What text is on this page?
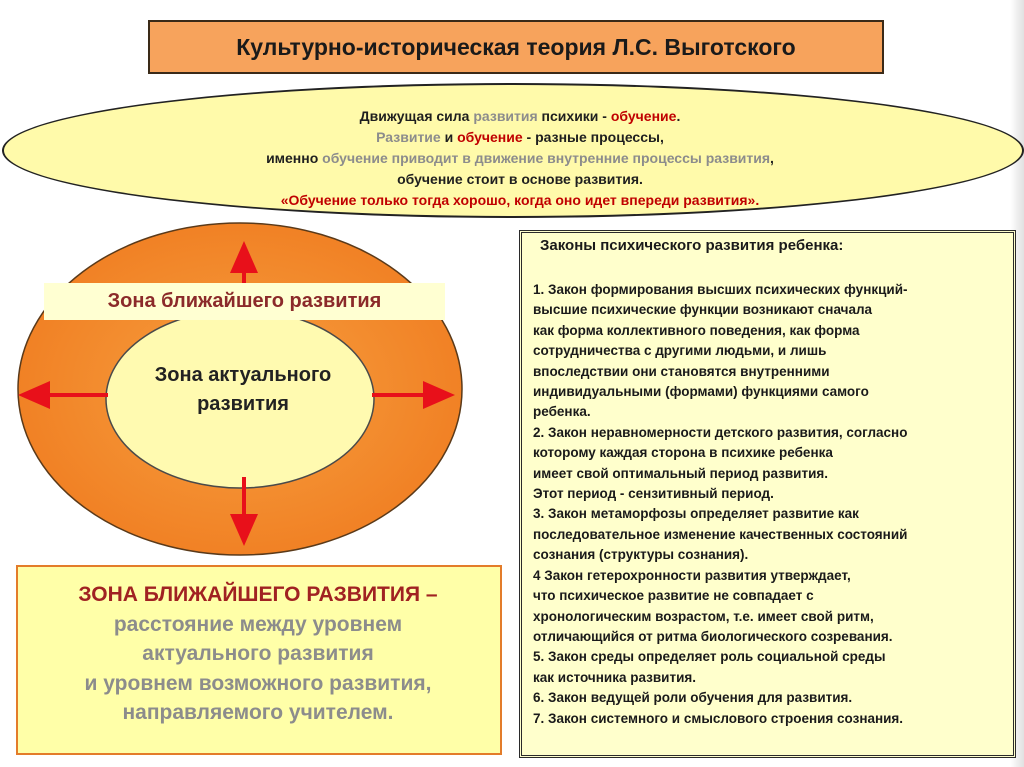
Культурно-историческая теория Л.С. Выготского
Движущая сила развития психики - обучение.
Развитие и обучение - разные процессы,
именно обучение приводит в движение внутренние процессы развития,
обучение стоит в основе развития.
«Обучение только тогда хорошо, когда оно идет впереди развития».
Зона ближайшего развития
Зона актуального
развития
ЗОНА БЛИЖАЙШЕГО РАЗВИТИЯ –
расстояние между уровнем
актуального развития
и уровнем возможного развития,
направляемого учителем.
Законы психического развития ребенка:
1. Закон формирования высших психических функций-
высшие психические функции возникают сначала
как форма коллективного поведения, как форма
сотрудничества с другими людьми, и лишь
впоследствии они становятся внутренними
индивидуальными (формами) функциями самого
ребенка.
2. Закон неравномерности детского развития, согласно
которому каждая сторона в психике ребенка
имеет свой оптимальный период развития.
Этот период - сензитивный период.
3. Закон метаморфозы определяет развитие как
последовательное изменение качественных состояний
сознания (структуры сознания).
4 Закон гетерохронности развития утверждает,
что психическое развитие не совпадает с
хронологическим возрастом, т.е. имеет свой ритм,
отличающийся от ритма биологического созревания.
5. Закон среды определяет роль социальной среды
как источника развития.
6. Закон ведущей роли обучения для развития.
7. Закон системного и смыслового строения сознания.
